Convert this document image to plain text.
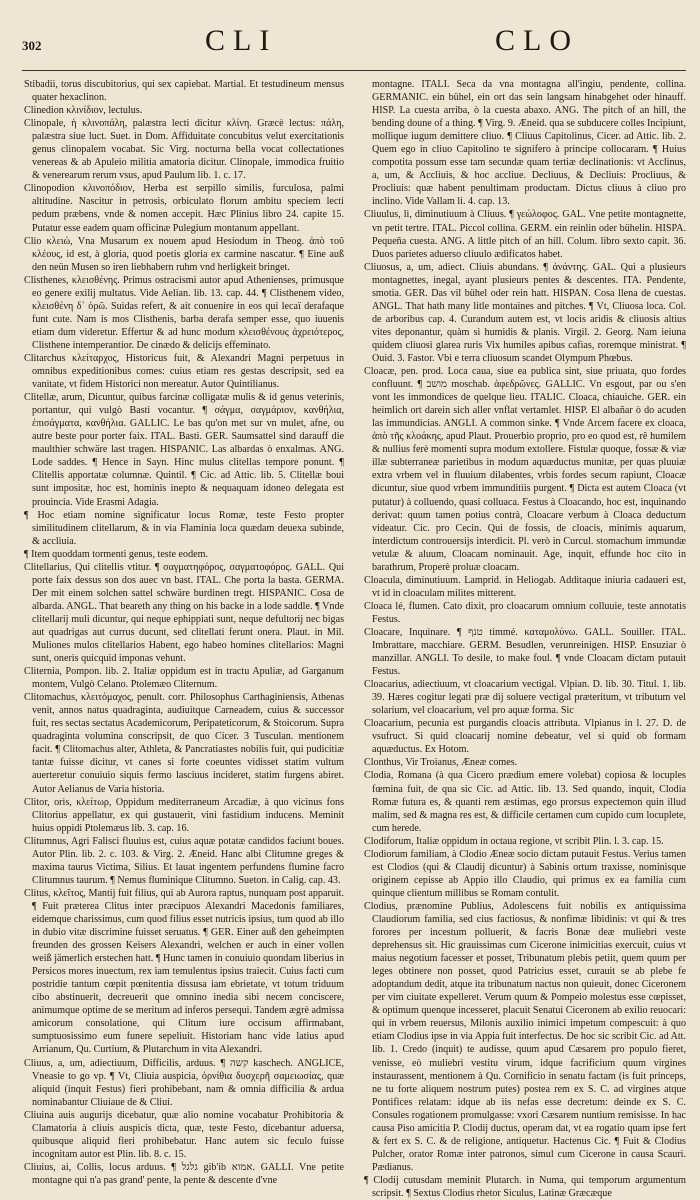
302	CLI	CLO

Stibadii, torus discubitorius, qui sex capiebat. Martial. Et testudineum mensus quater hexaclinon.

Clinedion κλινίδιον, lectulus.

Clinopale, ἡ κλινοπάλη, palæstra lecti dicitur κλίνη. Græcè lectus: πάλη, palæstra siue luct. Suet. in Dom. Affiduitate concubitus velut exercitationis genus clinopalem vocabat. Sic Virg. nocturna bella vocat collectationes venereas & ab Apuleio militia amatoria dicitur. Clinopale, immodica fruitio & venerearum rerum vsus, apud Paulum lib. 1. c. 17.

Clinopodion κλινοπόδιον, Herba est serpillo similis, furculosa, palmi altitudine. Nascitur in petrosis, orbiculato florum ambitu speciem lecti pedum præbens, vnde & nomen accepit. Hæc Plinius libro 24. capite 15. Putatur esse eadem quam officinæ Pulegium montanum appellant.

Clio κλειώ, Vna Musarum ex nouem apud Hesiodum in Theog. ἀπὸ τοῦ κλέους, id est, à gloria, quod poetis gloria ex carmine nascatur. ¶ Eine auß den neün Musen so iren liebhabern ruhm vnd herligkeit bringet.

Clisthenes, κλεισθένης. Primus ostracismi autor apud Athenienses, primusque eo genere exilij multatus. Vide Aelian. lib. 13. cap. 44. ¶ Clisthenem video, κλεισθένη δ᾽ ὁρῶ. Suidas refert, & ait conuenire in eos qui lecaï derafaque funt cute. Nam is mos Clisthenis, barba derafa semper esse, quo iuuenis etiam dum videretur. Effertur & ad hunc modum κλεισθένους ἀχρειότερος, Clisthene intemperantior. De cinædo & delicijs effeminato.

Clitarchus κλείταρχος, Historicus fuit, & Alexandri Magni perpetuus in omnibus expeditionibus comes: cuius etiam res gestas descripsit, sed ea vanitate, vt fidem Historici non mereatur. Autor Quintilianus.

Clitellæ, arum, Dicuntur, quibus farcinæ colligatæ mulis & id genus veterinis, portantur, qui vulgò Basti vocantur. ¶ σάγμα, σαγμάριον, κανθήλια, ἐπισάγματα, κανθήλια. GALLIC. Le bas qu'on met sur vn mulet, afne, ou autre beste pour porter faix. ITAL. Basti. GER. Saumsattel sind darauff die maulthier schwäre last tragen. HISPANIC. Las albardas ò enxalmas. ANG. Lode saddes. ¶ Hence in Sayn. Hinc mulus clitellas tempore ponunt. ¶ Clitellis apportatæ columnæ. Quintil. ¶ Cic. ad Attic. lib. 5. Clitellæ boui sunt impositæ, hoc est, hominis inepto & nequaquam idoneo delegata est prouincia. Vide Erasmi Adagia.

¶ Hoc etiam nomine significatur locus Romæ, teste Festo propter similitudinem clitellarum, & in via Flaminia loca quædam deuexa subinde, & accliuia.

¶ Item quoddam tormenti genus, teste eodem.

Clitellarius, Qui clitellis vtitur. ¶ σαγματηφόρος, σαγματοφόρος. GALL. Qui porte faix dessus son dos auec vn bast. ITAL. Che porta la basta. GERMA. Der mit einem solchen sattel schwäre burdinen tregt. HISPANIC. Cosa de albarda. ANGL. That beareth any thing on his backe in a lode saddle. ¶ Vnde clitellarij muli dicuntur, qui neque ephippiati sunt, neque defultorij nec bigas aut quadrigas aut currus ducunt, sed clitellati ferunt onera. Plaut. in Mil. Muliones mulos clitellarios Habent, ego habeo homines clitellarios: Magni sunt, oneris quicquid imponas vehunt.

Cliternia, Pompon. lib. 2. Italiæ oppidum est in tractu Apuliæ, ad Garganum montem, Vulgò Celano. Ptolemæo Cliternum.

Clitomachus, κλειτόμαχος, penult. corr. Philosophus Carthaginiensis, Athenas venit, annos natus quadraginta, audiuitque Carneadem, cuius & successor fuit, res sectas sectatus Academicorum, Peripateticorum, & Stoicorum. Supra quadraginta volumina conscripsit, de quo Cicer. 3 Tusculan. mentionem facit. ¶ Clitomachus alter, Athleta, & Pancratiastes nobilis fuit, qui pudicitiæ tantæ fuisse dicitur, vt canes si forte coeuntes vidisset statim vultum auerteretur conuiuio siquis fermo lasciuus incideret, statim furgens abiret. Autor Aelianus de Varia historia.

Clitor, oris, κλείτωρ, Oppidum mediterraneum Arcadiæ, à quo vicinus fons Clitorius appellatur, ex qui gustauerit, vini fastidium inducens. Meminit huius oppidi Ptolemæus lib. 3. cap. 16.

Clitumnus, Agri Falisci fluuius est, cuius aquæ potatæ candidos faciunt boues. Autor Plin. lib. 2. c. 103. & Virg. 2. Æneid. Hanc albi Clitumne greges & maxima taurus Victima, Silius. Et lauat ingentem perfundens flumine facro Clitumnus taurum. ¶ Nemus fluminique Clitumno. Sueton. in Calig. cap. 43.

Clitus, κλεῖτος, Mantij fuit filius, qui ab Aurora raptus, nunquam post apparuit. ¶ Fuit præterea Clitus inter præcipuos Alexandri Macedonis familiares, eidemque charissimus, cum quod filius esset nutricis ipsius, tum quod ab illo in dubio vitæ discrimine fuisset seruatus. ¶ GER. Einer auß den geheimpten freunden des grossen Keisers Alexandri, welchen er auch in einer vollen weiß jämerlich erstechen hatt. ¶ Hunc tamen in conuiuio quondam liberius in Persicos mores inuectum, rex iam temulentus ipsius traiecit. Cuius facti cum postridie tantum cœpit pœnitentia dissusa iam ebrietate, vt totum triduum cibo abstinuerit, decreuerit que omnino inedia sibi necem conciscere, animumque optime de se meritum ad inferos persequi. Tandem ægrè admissa amicorum consolatione, qui Clitum iure occisum affirmabant, sumptuosissimo eum funere sepeliuit. Historiam hanc vide latius apud Arrianum, Qu. Curtium, & Plutarchum in vita Alexandri.

Cliuus, a, um, adiectiuum, Difficilis, arduus. ¶ קשה kaschech. ANGLICE, Vneasie to go vp. ¶ Vt, Cliuia auspicia, ὀρνίθια δυσχερῆ σαμειωσίας, quæ aliquid (inquit Festus) fieri prohibebant, nam & omnia difficilia & ardua nominabantur Cliuiaue de & Cliui.

Cliuina auis augurijs dicebatur, quæ alio nomine vocabatur Prohibitoria & Clamatoria à cliuis auspicis dicta, quæ, teste Festo, dicebantur aduersa, quibusque aliquid fieri prohibebatur. Hanc autem sic feculo fuisse incognitam autor est Plin. lib. 8. c. 15.

Cliuius, ai, Collis, locus arduus. ¶ גלגל gib'ib אמוא. GALLI. Vne petite montagne qui n'a pas grand' pente, la pente & descente d'vne

montagne. ITALI. Seca da vna montagna all'ingiu, pendente, collina. GERMANIC. ein bühel, ein ort das sein langsam hinabgehet oder hinauff. HISP. La cuesta arriba, ò la cuesta abaxo. ANG. The pitch of an hill, the bending doune of a thing. ¶ Virg. 9. Æneid. qua se subducere colles Incipiunt, mollique iugum demittere cliuo. ¶ Cliuus Capitolinus, Cicer. ad Attic. lib. 2. Quem ego in cliuo Capitolino te signifero à principe collocaram. ¶ Huius compotita possum esse tam secundæ quam tertiæ declinationis: vt Acclinus, a, um, & Accliuis, & hoc accliue. Decliuus, & Decliuis: Procliuus, & Procliuis: quæ habent penultimam productam. Dictus cliuus à cliuo pro inclino. Vide Vallam li. 4. cap. 13.

Cliuulus, li, diminutiuum à Cliuus. ¶ γεώλοφος. GAL. Vne petite montagnette, vn petit tertre. ITAL. Piccol collina. GERM. ein reinlin oder bühelin. HISPA. Pequeña cuesta. ANG. A little pitch of an hill. Colum. libro sexto capit. 36. Duos parietes aduerso cliuulo ædificatos habet.

Cliuosus, a, um, adiect. Cliuis abundans. ¶ ἀνάντης. GAL. Qui a plusieurs montagnettes, inegal, ayant plusieurs pentes & descentes. ITA. Pendente, smotia. GER. Das vil bühel oder rein hatt. HISPAN. Cosa llena de cuestas. ANGL. That hath many litle montaines and pitches. ¶ Vt, Cliuosa loca. Col. de arboribus cap. 4. Curandum autem est, vt locis aridis & cliuosis altius vites deponantur, quàm si humidis & planis. Virgil. 2. Georg. Nam ieiuna quidem cliuosi glarea ruris Vix humiles apibus cafias, roremque ministrat. ¶ Ouid. 3. Fastor. Vbi e terra cliuosum scandet Olympum Phœbus.

Cloacæ, pen. prod. Loca caua, siue ea publica sint, siue priuata, quo fordes confluunt. ¶ מושב moschab. ἀφεδρῶνες. GALLIC. Vn esgout, par ou s'en vont les immondices de quelque lieu. ITALIC. Cloaca, chiauiche. GER. ein heimlich ort darein sich aller vnflat vertamlet. HISP. El albañar ò do acuden las immundicias. ANGLI. A common sinke. ¶ Vnde Arcem facere ex cloaca, ἀπὸ τῆς κλοάκης, apud Plaut. Prouerbio proprio, pro eo quod est, rê humilem & nullius ferè momenti supra modum extollere. Fistulæ quoque, fossæ & viæ illæ subterraneæ parietibus in modum aquæductus munitæ, per quas pluuiæ extra vrbem vel in fluuium dilabentes, vrbis fordes secum rapiunt, Cloacæ dicuntur, siue quod vrbem immunditiis purgent. ¶ Dicta est autem Cloaca (vt putatur) à colluendo, quasi colluaca. Festus à Cloacando, hoc est, inquinando derivat: quum tamen potius contrà, Cloacare verbum à Cloaca deductum videatur. Cic. pro Cecin. Qui de fossis, de cloacis, minimis aquarum, interdictum controuersijs interdicit. Pl. verò in Curcul. stomachum immundæ vetulæ & aluum, Cloacam nominauit. Age, inquit, effunde hoc cito in barathrum, Properè proluæ cloacam.

Cloacula, diminutiuum. Lamprid. in Heliogab. Additaque iniuria cadaueri est, vt id in cloaculam milites mitterent.

Cloaca lé, flumen. Cato dixit, pro cloacarum omnium colluuie, teste annotatis Festus.

Cloacare, Inquinare. ¶ טנף timmé. καταμολύνω. GALL. Souiller. ITAL. Imbrattare, macchiare. GERM. Besudlen, verunreinigen. HISP. Ensuziar ò manzillar. ANGLI. To desile, to make foul. ¶ vnde Cloacam dictam putauit Festus.

Cloacarius, adiectiuum, vt cloacarium vectigal. Vlpian. D. lib. 30. Titul. 1. lib. 39. Hæres cogitur legati præ dij soluere vectigal præteritum, vt tributum vel solarium, vel cloacarium, vel pro aquæ forma. Sic

Cloacarium, pecunia est purgandis cloacis attributa. Vlpianus in l. 27. D. de vsufruct. Si quid cloacarij nomine debeatur, vel si quid ob formam aquæductus. Ex Hotom.

Clonthus, Vir Troianus, Æneæ comes.

Clodia, Romana (à qua Cicero prædium emere volebat) copiosa & locuples fœmina fuit, de qua sic Cic. ad Attic. lib. 13. Sed quando, inquit, Clodia Romæ futura es, & quanti rem æstimas, ego prorsus expectemon quin illud malim, sed & magna res est, & difficile certamen cum cupido cum locuplete, cum herede.

Clodiforum, Italiæ oppidum in octaua regione, vt scribit Plin. l. 3. cap. 15.

Clodiorum familiam, à Clodio Æneæ socio dictam putauit Festus. Verius tamen est Clodios (qui & Claudij dicuntur) à Sabinis ortum traxisse, nominisque originem cepisse ab Appio illo Claudio, qui primus ex ea familia cum quinque clientum millibus se Romam contulit.

Clodius, prænomine Publius, Adolescens fuit nobilis ex antiquissima Claudiorum familia, sed cius factiosus, & nonfimæ libidinis: vt qui & tres forores per incestum polluerit, & facris Bonæ deæ muliebri veste deprehensus sit. Hic grauissimas cum Cicerone inimicitias exercuit, cuius vt maius negotium facesser et posset, Tribunatum plebis petiit, quem quum per leges obtinere non posset, quod Patricius esset, curauit se ab plebe fe adoptandum dedit, atque ita tribunatum nactus non quieuit, donec Ciceronem per vim ciuitate expelleret. Verum quum & Pompeio molestus esse cœpisset, & optimum quenque incesseret, placuit Senatui Ciceronem ab exilio reuocari: qui in vrbem reuersus, Milonis auxilio inimici impetum compescuit: à quo etiam Clodius ipse in via Appia fuit interfectus. De hoc sic scribit Cic. ad Att. lib. 1. Credo (inquit) te audisse, quum apud Cæsarem pro populo fieret, venisse, eò muliebri vestitu virum, idque facrificium quum virgines instaurassent, mentionem à Qu. Cornificio in senatu factam (is fuit princeps, ne tu forte aliquem nostrum putes) postea rem ex S. C. ad virgines atque Pontifices relatam: idque ab iis nefas esse decretum: deinde ex S. C. Consules rogationem promulgasse: vxori Cæsarem nuntium remisisse. In hac causa Piso amicitia P. Clodij ductus, operam dat, vt ea rogatio quam ipse fert & fert ex S. C. & de religione, antiquetur. Hactenus Cic. ¶ Fuit & Clodius Pulcher, orator Romæ inter patronos, simul cum Cicerone in causa Scauri. Pædianus.

¶ Clodij cutusdam meminit Plutarch. in Numa, qui temporum argumentum scripsit. ¶ Sextus Clodius rhetor Siculus, Latinæ Græcæque
